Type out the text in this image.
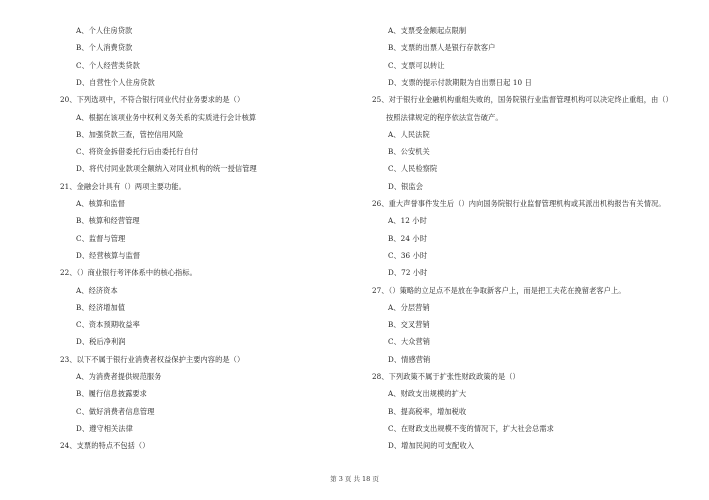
A、个人住房贷款
B、个人消费贷款
C、个人经营类贷款
D、自营性个人住房贷款
20、下列选项中，不符合银行同业代付业务要求的是（）
A、根据在该项业务中权利义务关系的实质进行会计核算
B、加强贷款三查，管控信用风险
C、将资金拆借委托行后由委托行自付
D、将代付同业款项全额纳入对同业机构的统一授信管理
21、金融会计具有（）两项主要功能。
A、核算和监督
B、核算和经营管理
C、监督与管理
D、经营核算与监督
22、（）商业银行考评体系中的核心指标。
A、经济资本
B、经济增加值
C、资本预期收益率
D、税后净利润
23、以下不属于银行业消费者权益保护主要内容的是（）
A、为消费者提供规范服务
B、履行信息披露要求
C、做好消费者信息管理
D、遵守相关法律
24、支票的特点不包括（）
A、支票受金额起点限制
B、支票的出票人是银行存款客户
C、支票可以转让
D、支票的提示付款期限为自出票日起 10 日
25、对于银行业金融机构重组失败的，国务院银行业监督管理机构可以决定终止重组，由（）
按照法律规定的程序依法宣告破产。
A、人民法院
B、公安机关
C、人民检察院
D、银监会
26、重大声誉事件发生后（）内向国务院银行业监督管理机构或其派出机构报告有关情况。
A、12 小时
B、24 小时
C、36 小时
D、72 小时
27、（）策略的立足点不是放在争取新客户上，而是把工夫花在挽留老客户上。
A、分层营销
B、交叉营销
C、大众营销
D、情感营销
28、下列政策不属于扩张性财政政策的是（）
A、财政支出规模的扩大
B、提高税率，增加税收
C、在财政支出规模不变的情况下，扩大社会总需求
D、增加民间的可支配收入
第 3 页 共 18 页
